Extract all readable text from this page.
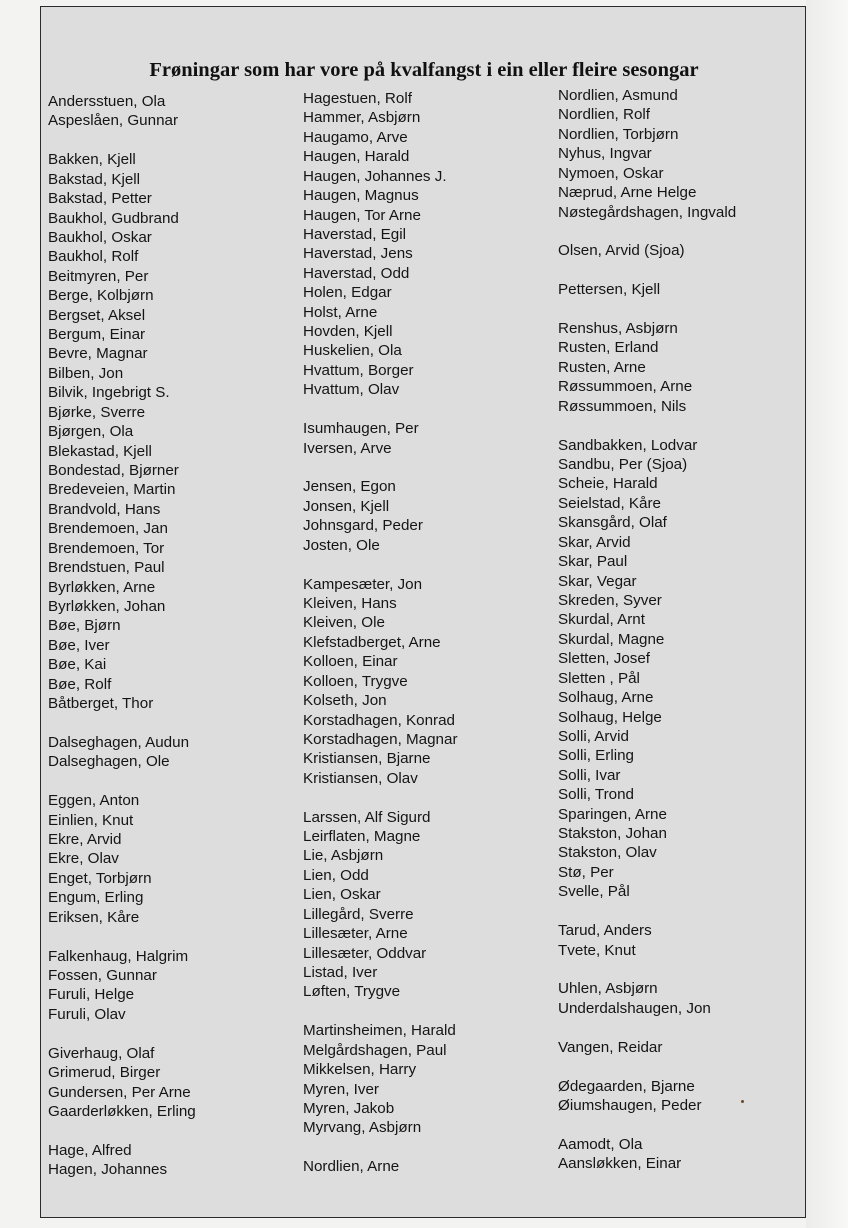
Frøningar som har vore på kvalfangst i ein eller fleire sesongar
Andersstuen, Ola
Aspeslåen, Gunnar
Bakken, Kjell
Bakstad, Kjell
Bakstad, Petter
Baukhol, Gudbrand
Baukhol, Oskar
Baukhol, Rolf
Beitmyren, Per
Berge, Kolbjørn
Bergset, Aksel
Bergum, Einar
Bevre, Magnar
Bilben, Jon
Bilvik, Ingebrigt S.
Bjørke, Sverre
Bjørgen, Ola
Blekastad, Kjell
Bondestad, Bjørner
Bredeveien, Martin
Brandvold, Hans
Brendemoen, Jan
Brendemoen, Tor
Brendstuen, Paul
Byrløkken, Arne
Byrløkken, Johan
Bøe, Bjørn
Bøe, Iver
Bøe, Kai
Bøe, Rolf
Båtberget, Thor
Dalseghagen, Audun
Dalseghagen, Ole
Eggen, Anton
Einlien, Knut
Ekre, Arvid
Ekre, Olav
Enget, Torbjørn
Engum, Erling
Eriksen, Kåre
Falkenhaug, Halgrim
Fossen, Gunnar
Furuli, Helge
Furuli, Olav
Giverhaug, Olaf
Grimerud, Birger
Gundersen, Per Arne
Gaarderløkken, Erling
Hage, Alfred
Hagen, Johannes
Hagestuen, Rolf
Hammer, Asbjørn
Haugamo, Arve
Haugen, Harald
Haugen, Johannes J.
Haugen, Magnus
Haugen, Tor Arne
Haverstad, Egil
Haverstad, Jens
Haverstad, Odd
Holen, Edgar
Holst, Arne
Hovden, Kjell
Huskelien, Ola
Hvattum, Borger
Hvattum, Olav
Isumhaugen, Per
Iversen, Arve
Jensen, Egon
Jonsen, Kjell
Johnsgard, Peder
Josten, Ole
Kampesæter, Jon
Kleiven, Hans
Kleiven, Ole
Klefstadberget, Arne
Kolloen, Einar
Kolloen, Trygve
Kolseth, Jon
Korstadhagen, Konrad
Korstadhagen, Magnar
Kristiansen, Bjarne
Kristiansen, Olav
Larssen, Alf Sigurd
Leirflaten, Magne
Lie, Asbjørn
Lien, Odd
Lien, Oskar
Lillegård, Sverre
Lillesæter, Arne
Lillesæter, Oddvar
Listad, Iver
Løften, Trygve
Martinsheimen, Harald
Melgårdshagen, Paul
Mikkelsen, Harry
Myren, Iver
Myren, Jakob
Myrvang, Asbjørn
Nordlien, Arne
Nordlien, Asmund
Nordlien, Rolf
Nordlien, Torbjørn
Nyhus, Ingvar
Nymoen, Oskar
Næprud, Arne Helge
Nøstegårdshagen, Ingvald
Olsen, Arvid (Sjoa)
Pettersen, Kjell
Renshus, Asbjørn
Rusten, Erland
Rusten, Arne
Røssummoen, Arne
Røssummoen, Nils
Sandbakken, Lodvar
Sandbu, Per (Sjoa)
Scheie, Harald
Seielstad, Kåre
Skansgård, Olaf
Skar, Arvid
Skar, Paul
Skar, Vegar
Skreden, Syver
Skurdal, Arnt
Skurdal, Magne
Sletten, Josef
Sletten , Pål
Solhaug, Arne
Solhaug, Helge
Solli, Arvid
Solli, Erling
Solli, Ivar
Solli, Trond
Sparingen, Arne
Stakston, Johan
Stakston, Olav
Stø, Per
Svelle, Pål
Tarud, Anders
Tvete, Knut
Uhlen, Asbjørn
Underdalshaugen, Jon
Vangen, Reidar
Ødegaarden, Bjarne
Øiumshaugen, Peder
Aamodt, Ola
Aansløkken, Einar
